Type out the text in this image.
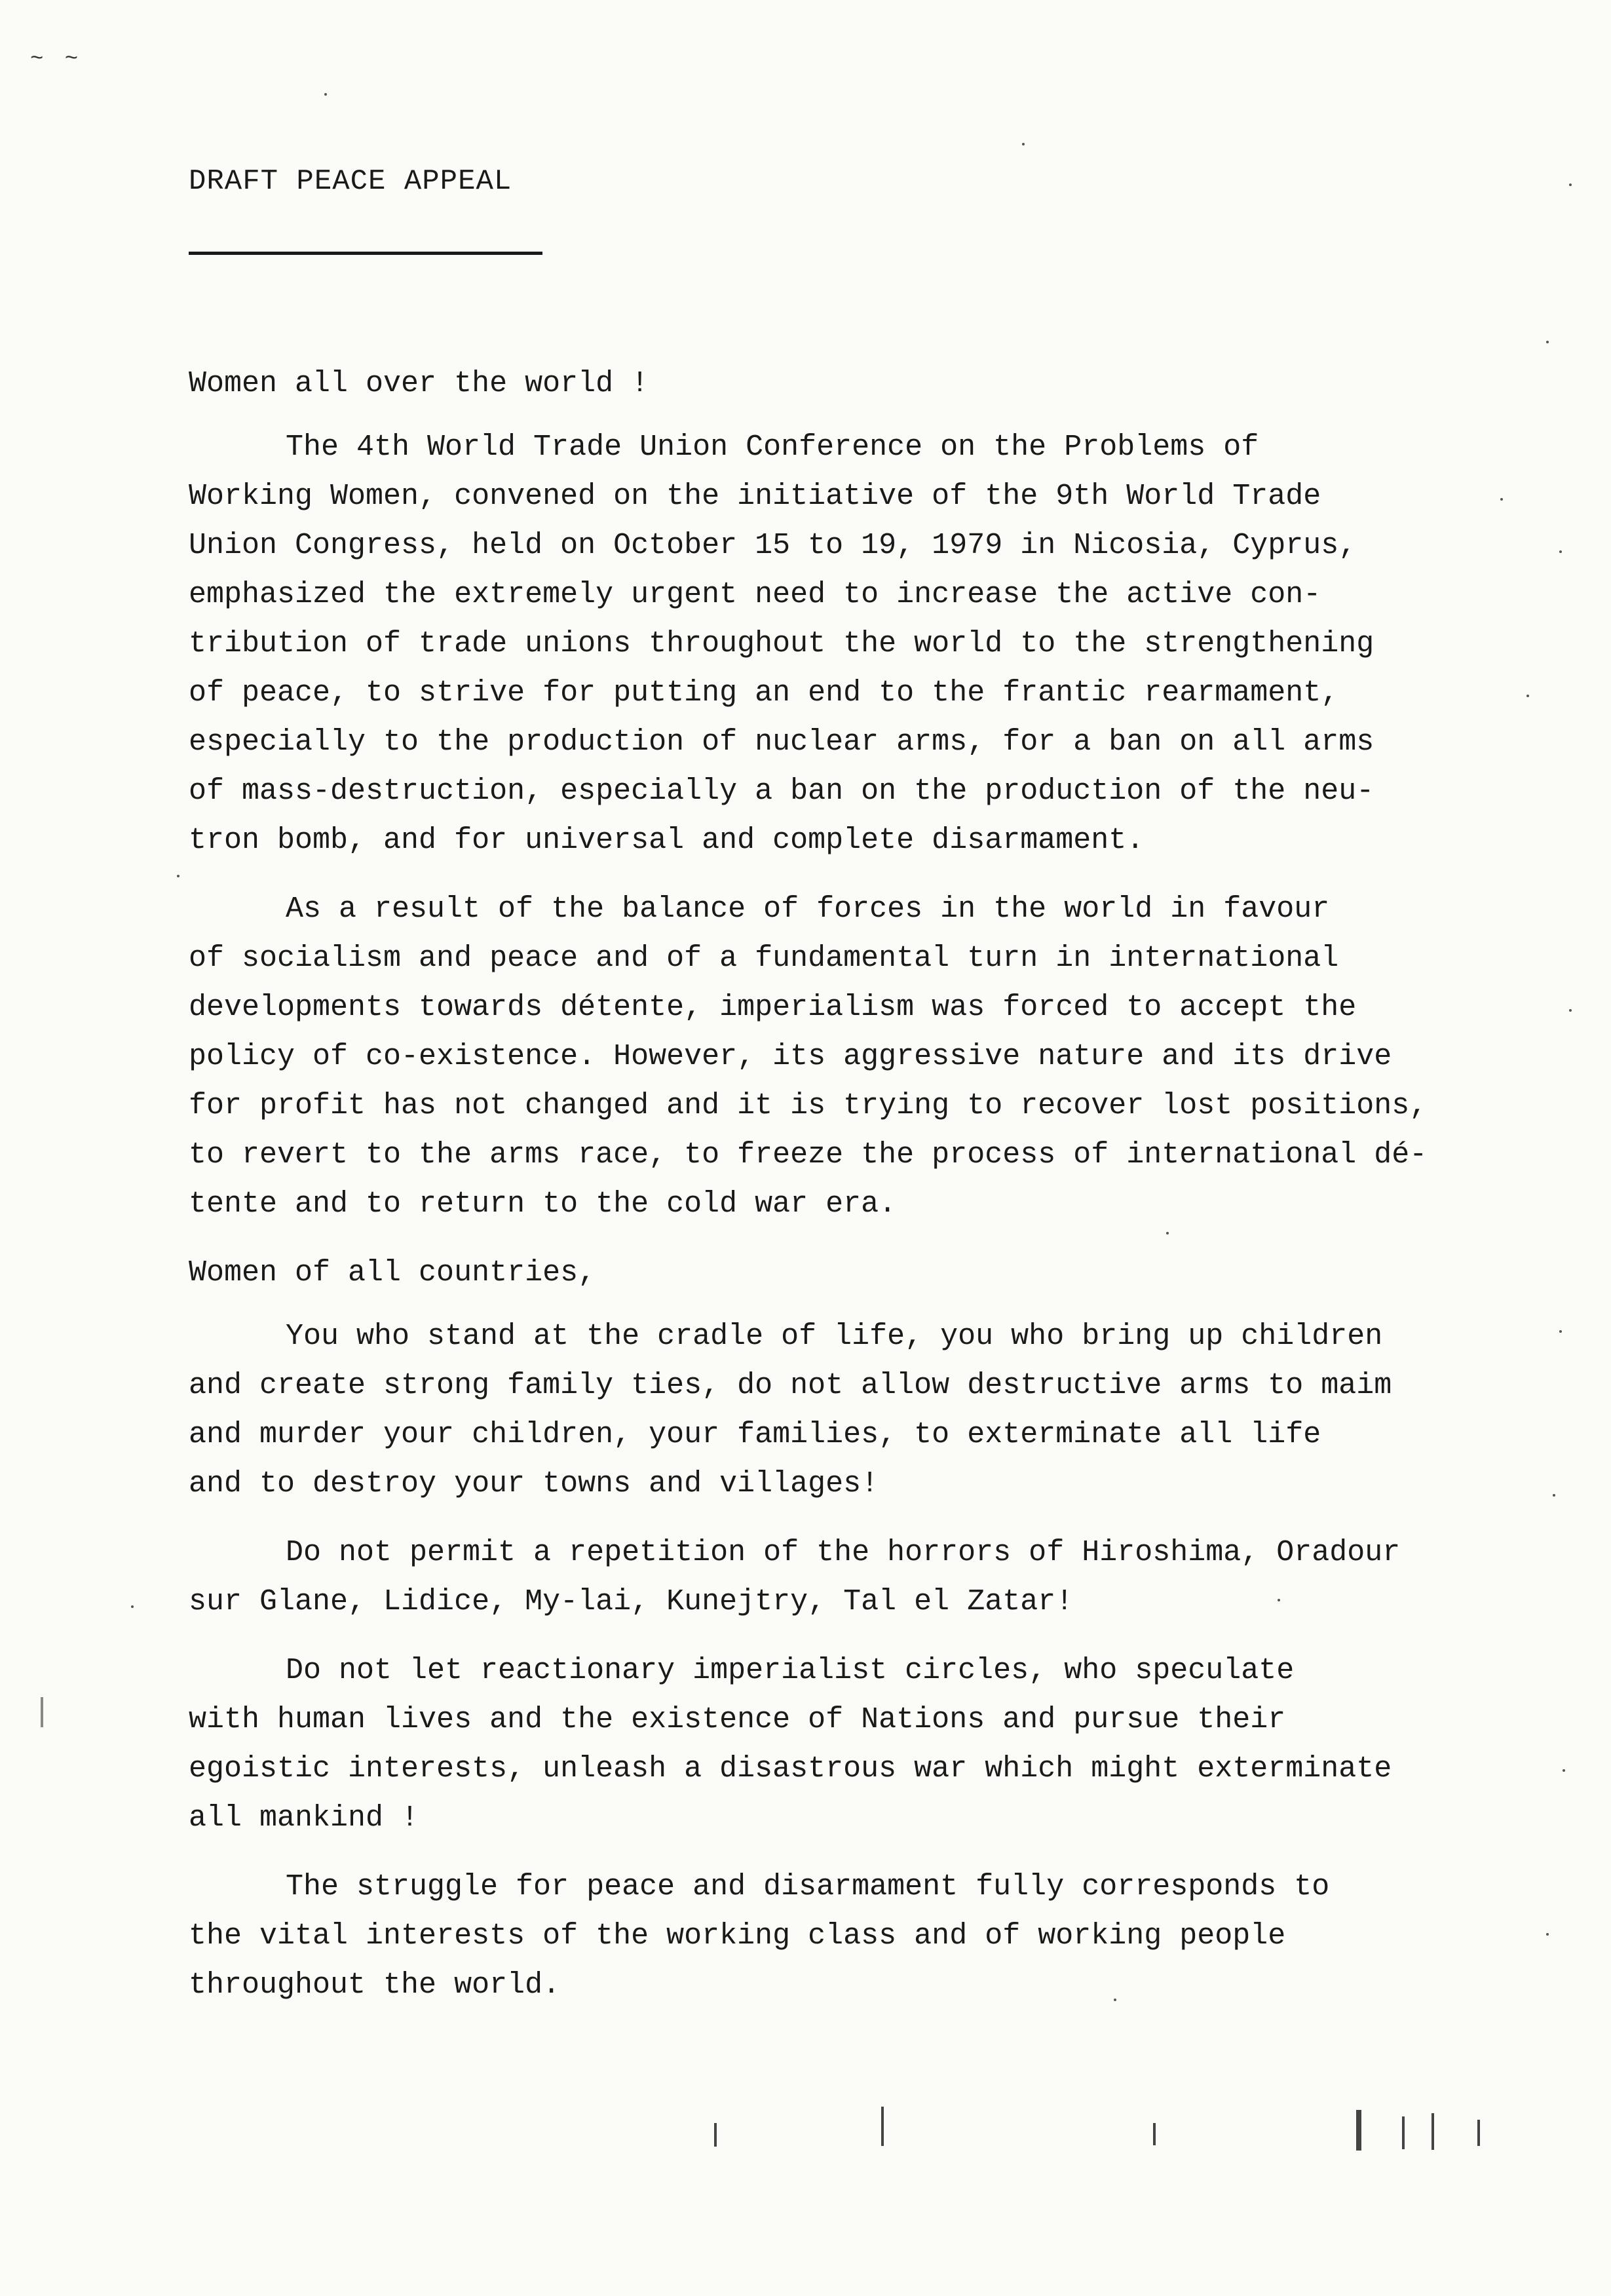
~ ~
DRAFT PEACE APPEAL

Women all over the world !

The 4th World Trade Union Conference on the Problems of
Working Women, convened on the initiative of the 9th World Trade
Union Congress, held on October 15 to 19, 1979 in Nicosia, Cyprus,
emphasized the extremely urgent need to increase the active con-
tribution of trade unions throughout the world to the strengthening
of peace, to strive for putting an end to the frantic rearmament,
especially to the production of nuclear arms, for a ban on all arms
of mass-destruction, especially a ban on the production of the neu-
tron bomb, and for universal and complete disarmament.

As a result of the balance of forces in the world in favour
of socialism and peace and of a fundamental turn in international
developments towards détente, imperialism was forced to accept the
policy of co-existence. However, its aggressive nature and its drive
for profit has not changed and it is trying to recover lost positions,
to revert to the arms race, to freeze the process of international dé-
tente and to return to the cold war era.

Women of all countries,

You who stand at the cradle of life, you who bring up children
and create strong family ties, do not allow destructive arms to maim
and murder your children, your families, to exterminate all life
and to destroy your towns and villages!

Do not permit a repetition of the horrors of Hiroshima, Oradour
sur Glane, Lidice, My-lai, Kunejtry, Tal el Zatar!

Do not let reactionary imperialist circles, who speculate
with human lives and the existence of Nations and pursue their
egoistic interests, unleash a disastrous war which might exterminate
all mankind !

The struggle for peace and disarmament fully corresponds to
the vital interests of the working class and of working people
throughout the world.
